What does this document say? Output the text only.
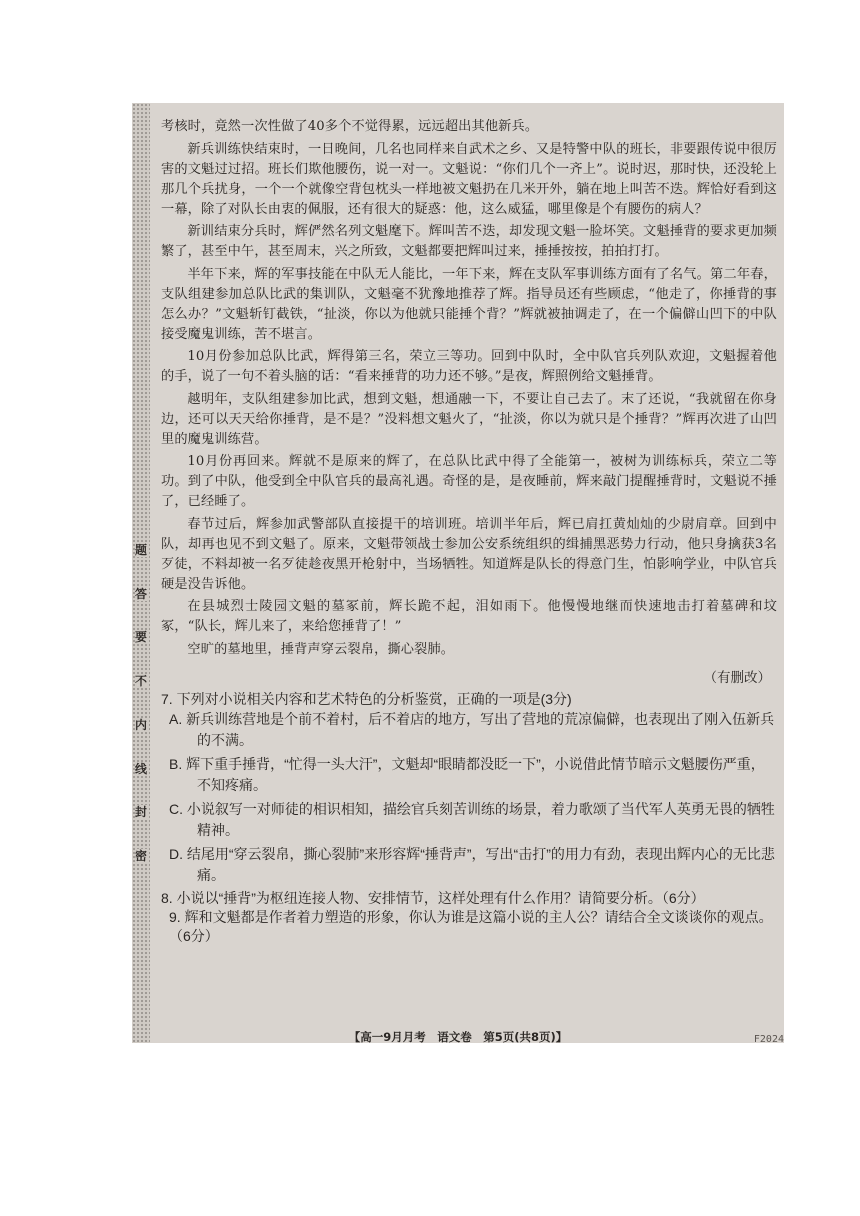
题
答
要
不
内
线
封
密

考核时，竟然一次性做了40多个不觉得累，远远超出其他新兵。

新兵训练快结束时，一日晚间，几名也同样来自武术之乡、又是特警中队的班长，非要跟传说中很厉害的文魁过过招。班长们欺他腰伤，说一对一。文魁说：“你们几个一齐上”。说时迟，那时快，还没轮上那几个兵扰身，一个一个就像空背包枕头一样地被文魁扔在几米开外，躺在地上叫苦不迭。辉恰好看到这一幕，除了对队长由衷的佩服，还有很大的疑惑：他，这么威猛，哪里像是个有腰伤的病人？

新训结束分兵时，辉俨然名列文魁麾下。辉叫苦不迭，却发现文魁一脸坏笑。文魁捶背的要求更加频繁了，甚至中午，甚至周末，兴之所致，文魁都要把辉叫过来，捶捶按按，拍拍打打。

半年下来，辉的军事技能在中队无人能比，一年下来，辉在支队军事训练方面有了名气。第二年春，支队组建参加总队比武的集训队，文魁毫不犹豫地推荐了辉。指导员还有些顾虑，“他走了，你捶背的事怎么办？”文魁斩钉截铁，“扯淡，你以为他就只能捶个背？”辉就被抽调走了，在一个偏僻山凹下的中队接受魔鬼训练，苦不堪言。

10月份参加总队比武，辉得第三名，荣立三等功。回到中队时，全中队官兵列队欢迎，文魁握着他的手，说了一句不着头脑的话：“看来捶背的功力还不够。”是夜，辉照例给文魁捶背。

越明年，支队组建参加比武，想到文魁，想通融一下，不要让自己去了。末了还说，“我就留在你身边，还可以天天给你捶背，是不是？”没料想文魁火了，“扯淡，你以为就只是个捶背？”辉再次进了山凹里的魔鬼训练营。

10月份再回来。辉就不是原来的辉了，在总队比武中得了全能第一，被树为训练标兵，荣立二等功。到了中队，他受到全中队官兵的最高礼遇。奇怪的是，是夜睡前，辉来敲门提醒捶背时，文魁说不捶了，已经睡了。

春节过后，辉参加武警部队直接提干的培训班。培训半年后，辉已肩扛黄灿灿的少尉肩章。回到中队，却再也见不到文魁了。原来，文魁带领战士参加公安系统组织的缉捕黑恶势力行动，他只身擒获3名歹徒，不料却被一名歹徒趁夜黑开枪射中，当场牺牲。知道辉是队长的得意门生，怕影响学业，中队官兵硬是没告诉他。

在县城烈士陵园文魁的墓冢前，辉长跪不起，泪如雨下。他慢慢地继而快速地击打着墓碑和坟冢，“队长，辉儿来了，来给您捶背了！”

空旷的墓地里，捶背声穿云裂帛，撕心裂肺。

（有删改）

7. 下列对小说相关内容和艺术特色的分析鉴赏，正确的一项是(3分)

A. 新兵训练营地是个前不着村，后不着店的地方，写出了营地的荒凉偏僻，也表现出了刚入伍新兵的不满。

B. 辉下重手捶背，“忙得一头大汗”，文魁却“眼睛都没眨一下”，小说借此情节暗示文魁腰伤严重，不知疼痛。

C. 小说叙写一对师徒的相识相知，描绘官兵刻苦训练的场景，着力歌颂了当代军人英勇无畏的牺牲精神。

D. 结尾用“穿云裂帛，撕心裂肺”来形容辉“捶背声”，写出“击打”的用力有劲，表现出辉内心的无比悲痛。

8. 小说以“捶背”为枢纽连接人物、安排情节，这样处理有什么作用？请简要分析。（6分）

9. 辉和文魁都是作者着力塑造的形象，你认为谁是这篇小说的主人公？请结合全文谈谈你的观点。（6分）

【高一9月月考　语文卷　第5页(共8页)】	F2024
